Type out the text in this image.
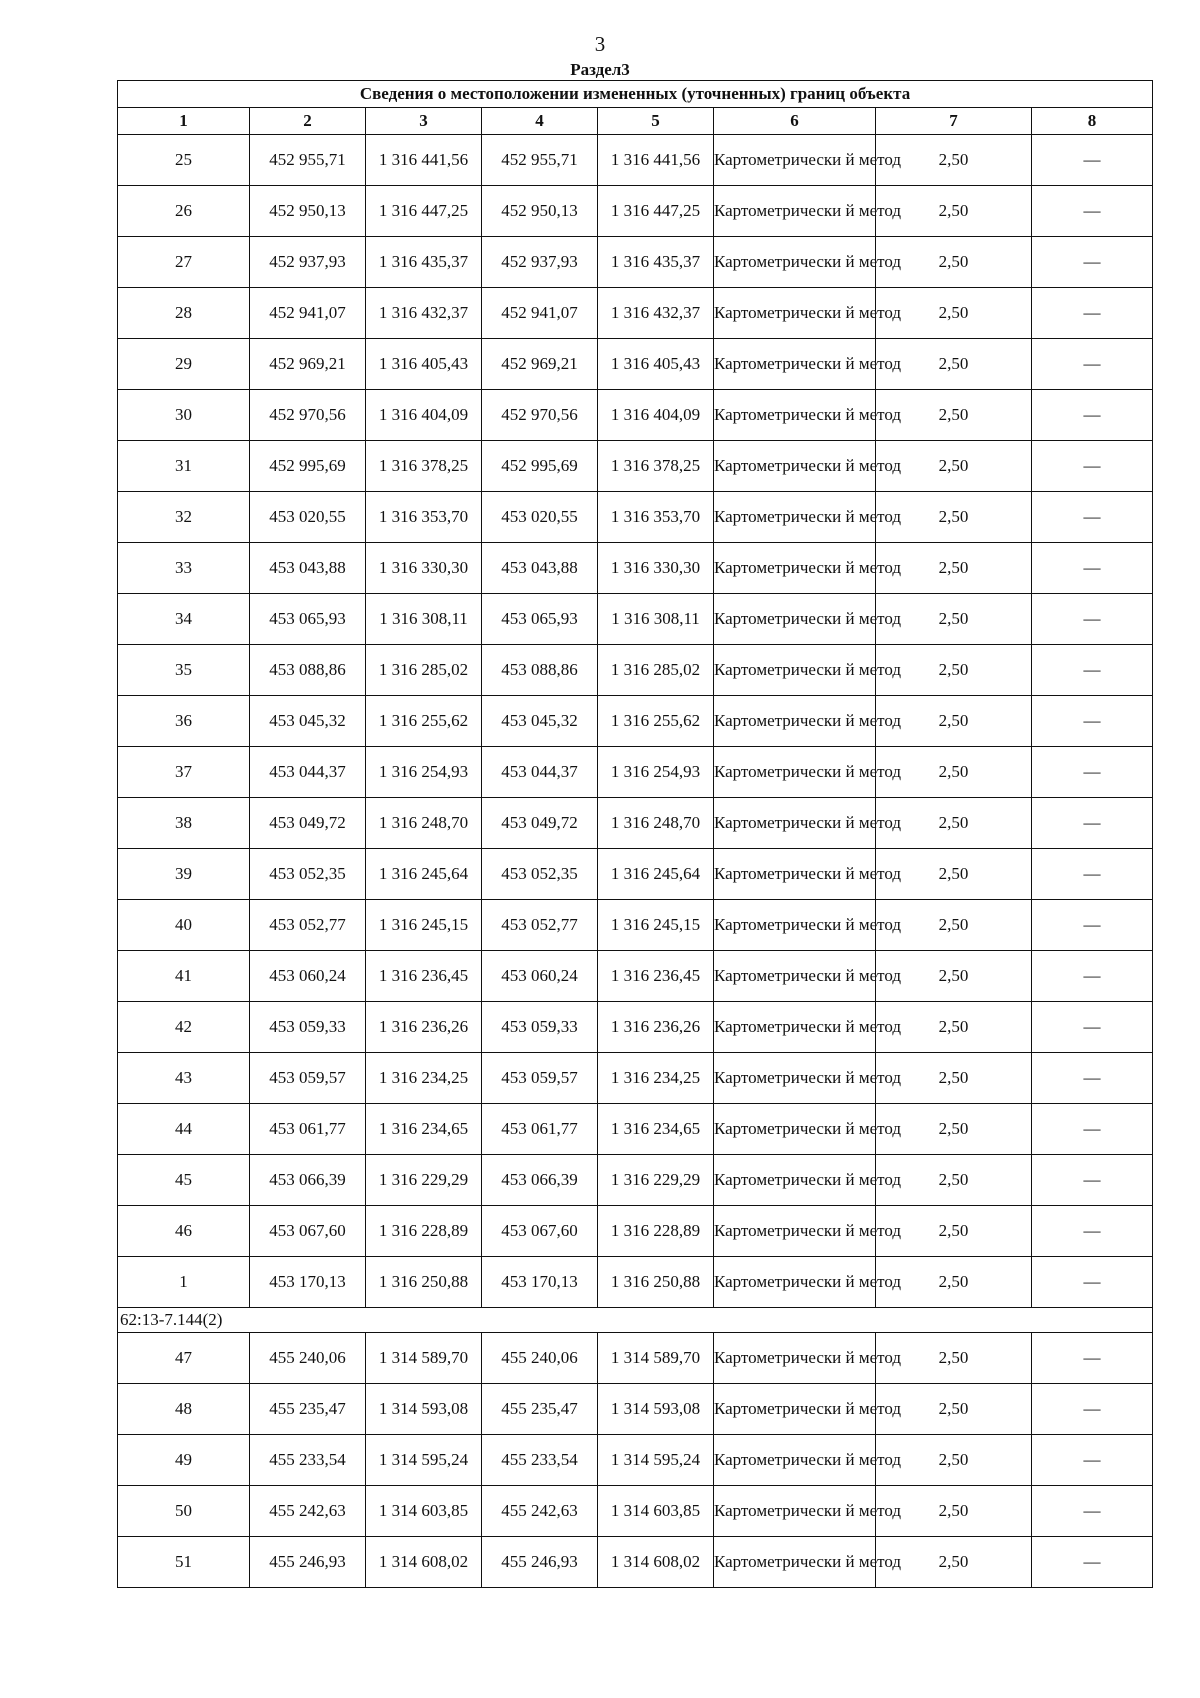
3
Раздел3
Сведения о местоположении измененных (уточненных) границ объекта							
1	2	3	4	5	6	7	8
25	452 955,71	1 316 441,56	452 955,71	1 316 441,56	Картометрически й метод	2,50	—
26	452 950,13	1 316 447,25	452 950,13	1 316 447,25	Картометрически й метод	2,50	—
27	452 937,93	1 316 435,37	452 937,93	1 316 435,37	Картометрически й метод	2,50	—
28	452 941,07	1 316 432,37	452 941,07	1 316 432,37	Картометрически й метод	2,50	—
29	452 969,21	1 316 405,43	452 969,21	1 316 405,43	Картометрически й метод	2,50	—
30	452 970,56	1 316 404,09	452 970,56	1 316 404,09	Картометрически й метод	2,50	—
31	452 995,69	1 316 378,25	452 995,69	1 316 378,25	Картометрически й метод	2,50	—
32	453 020,55	1 316 353,70	453 020,55	1 316 353,70	Картометрически й метод	2,50	—
33	453 043,88	1 316 330,30	453 043,88	1 316 330,30	Картометрически й метод	2,50	—
34	453 065,93	1 316 308,11	453 065,93	1 316 308,11	Картометрически й метод	2,50	—
35	453 088,86	1 316 285,02	453 088,86	1 316 285,02	Картометрически й метод	2,50	—
36	453 045,32	1 316 255,62	453 045,32	1 316 255,62	Картометрически й метод	2,50	—
37	453 044,37	1 316 254,93	453 044,37	1 316 254,93	Картометрически й метод	2,50	—
38	453 049,72	1 316 248,70	453 049,72	1 316 248,70	Картометрически й метод	2,50	—
39	453 052,35	1 316 245,64	453 052,35	1 316 245,64	Картометрически й метод	2,50	—
40	453 052,77	1 316 245,15	453 052,77	1 316 245,15	Картометрически й метод	2,50	—
41	453 060,24	1 316 236,45	453 060,24	1 316 236,45	Картометрически й метод	2,50	—
42	453 059,33	1 316 236,26	453 059,33	1 316 236,26	Картометрически й метод	2,50	—
43	453 059,57	1 316 234,25	453 059,57	1 316 234,25	Картометрически й метод	2,50	—
44	453 061,77	1 316 234,65	453 061,77	1 316 234,65	Картометрически й метод	2,50	—
45	453 066,39	1 316 229,29	453 066,39	1 316 229,29	Картометрически й метод	2,50	—
46	453 067,60	1 316 228,89	453 067,60	1 316 228,89	Картометрически й метод	2,50	—
1	453 170,13	1 316 250,88	453 170,13	1 316 250,88	Картометрически й метод	2,50	—
62:13-7.144(2)							
47	455 240,06	1 314 589,70	455 240,06	1 314 589,70	Картометрически й метод	2,50	—
48	455 235,47	1 314 593,08	455 235,47	1 314 593,08	Картометрически й метод	2,50	—
49	455 233,54	1 314 595,24	455 233,54	1 314 595,24	Картометрически й метод	2,50	—
50	455 242,63	1 314 603,85	455 242,63	1 314 603,85	Картометрически й метод	2,50	—
51	455 246,93	1 314 608,02	455 246,93	1 314 608,02	Картометрически й метод	2,50	—
